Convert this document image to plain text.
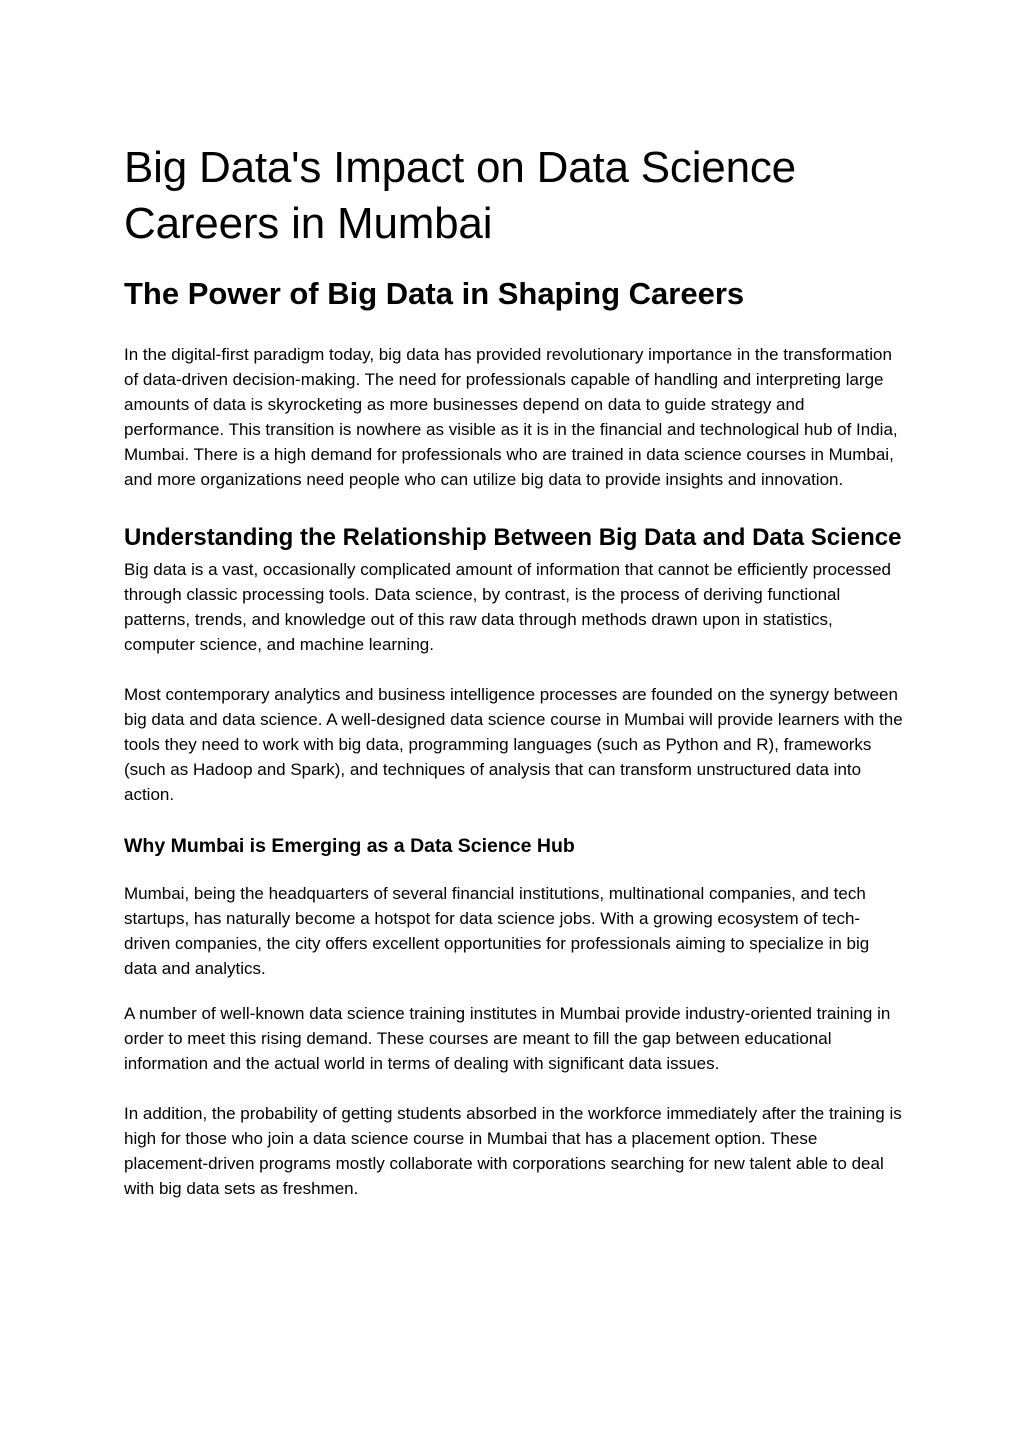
Big Data's Impact on Data Science Careers in Mumbai
The Power of Big Data in Shaping Careers

In the digital-first paradigm today, big data has provided revolutionary importance in the transformation of data-driven decision-making. The need for professionals capable of handling and interpreting large amounts of data is skyrocketing as more businesses depend on data to guide strategy and performance. This transition is nowhere as visible as it is in the financial and technological hub of India, Mumbai. There is a high demand for professionals who are trained in data science courses in Mumbai, and more organizations need people who can utilize big data to provide insights and innovation.

Understanding the Relationship Between Big Data and Data Science

Big data is a vast, occasionally complicated amount of information that cannot be efficiently processed through classic processing tools. Data science, by contrast, is the process of deriving functional patterns, trends, and knowledge out of this raw data through methods drawn upon in statistics, computer science, and machine learning.

Most contemporary analytics and business intelligence processes are founded on the synergy between big data and data science. A well-designed data science course in Mumbai will provide learners with the tools they need to work with big data, programming languages (such as Python and R), frameworks (such as Hadoop and Spark), and techniques of analysis that can transform unstructured data into action.

Why Mumbai is Emerging as a Data Science Hub

Mumbai, being the headquarters of several financial institutions, multinational companies, and tech startups, has naturally become a hotspot for data science jobs. With a growing ecosystem of tech-driven companies, the city offers excellent opportunities for professionals aiming to specialize in big data and analytics.

A number of well-known data science training institutes in Mumbai provide industry-oriented training in order to meet this rising demand. These courses are meant to fill the gap between educational information and the actual world in terms of dealing with significant data issues.

In addition, the probability of getting students absorbed in the workforce immediately after the training is high for those who join a data science course in Mumbai that has a placement option. These placement-driven programs mostly collaborate with corporations searching for new talent able to deal with big data sets as freshmen.
